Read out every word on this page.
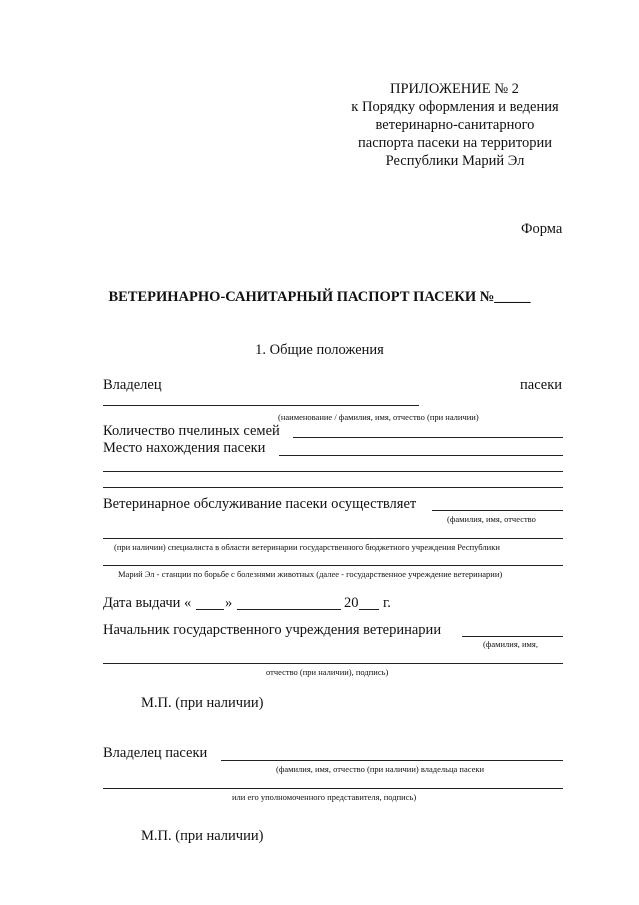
ПРИЛОЖЕНИЕ № 2
к Порядку оформления и ведения
ветеринарно-санитарного
паспорта пасеки на территории
Республики Марий Эл
Форма
ВЕТЕРИНАРНО-САНИТАРНЫЙ ПАСПОРТ ПАСЕКИ №_____
1. Общие положения
Владелец	пасеки
(наименование / фамилия, имя, отчество (при наличии)
Количество пчелиных семей
Место нахождения пасеки
Ветеринарное обслуживание пасеки осуществляет
(фамилия, имя, отчество
(при наличии) специалиста в области ветеринарии государственного бюджетного учреждения Республики
Марий Эл - станции по борьбе с болезнями животных (далее - государственное учреждение ветеринарии)
Дата выдачи « »	20 г.
Начальник государственного учреждения ветеринарии
(фамилия, имя,
отчество (при наличии), подпись)
М.П. (при наличии)
Владелец пасеки
(фамилия, имя, отчество (при наличии) владельца пасеки
или его уполномоченного представителя, подпись)
М.П. (при наличии)
